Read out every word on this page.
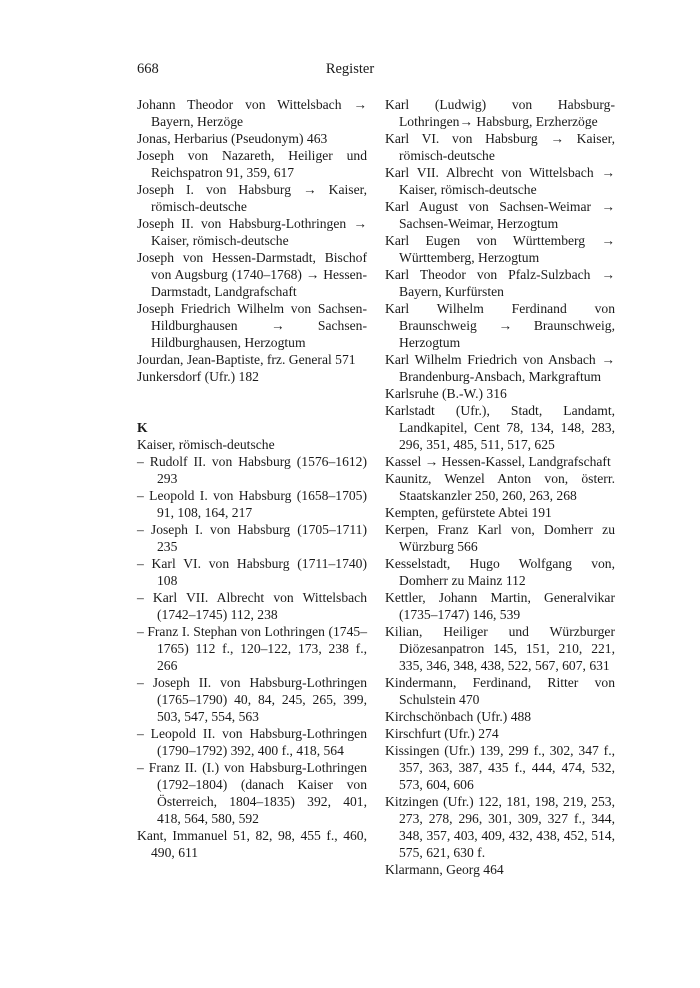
668	Register
Johann Theodor von Wittelsbach → Bayern, Herzöge
Jonas, Herbarius (Pseudonym) 463
Joseph von Nazareth, Heiliger und Reichspatron 91, 359, 617
Joseph I. von Habsburg → Kaiser, römisch-deutsche
Joseph II. von Habsburg-Lothringen → Kaiser, römisch-deutsche
Joseph von Hessen-Darmstadt, Bischof von Augsburg (1740–1768) → Hessen-Darmstadt, Landgrafschaft
Joseph Friedrich Wilhelm von Sachsen-Hildburghausen → Sachsen-Hildburghausen, Herzogtum
Jourdan, Jean-Baptiste, frz. General 571
Junkersdorf (Ufr.) 182
K
Kaiser, römisch-deutsche
– Rudolf II. von Habsburg (1576–1612) 293
– Leopold I. von Habsburg (1658–1705) 91, 108, 164, 217
– Joseph I. von Habsburg (1705–1711) 235
– Karl VI. von Habsburg (1711–1740) 108
– Karl VII. Albrecht von Wittelsbach (1742–1745) 112, 238
– Franz I. Stephan von Lothringen (1745–1765) 112 f., 120–122, 173, 238 f., 266
– Joseph II. von Habsburg-Lothringen (1765–1790) 40, 84, 245, 265, 399, 503, 547, 554, 563
– Leopold II. von Habsburg-Lothringen (1790–1792) 392, 400 f., 418, 564
– Franz II. (I.) von Habsburg-Lothringen (1792–1804) (danach Kaiser von Österreich, 1804–1835) 392, 401, 418, 564, 580, 592
Kant, Immanuel 51, 82, 98, 455 f., 460, 490, 611
Karl (Ludwig) von Habsburg-Lothringen→ Habsburg, Erzherzöge
Karl VI. von Habsburg → Kaiser, römisch-deutsche
Karl VII. Albrecht von Wittelsbach → Kaiser, römisch-deutsche
Karl August von Sachsen-Weimar → Sachsen-Weimar, Herzogtum
Karl Eugen von Württemberg → Württemberg, Herzogtum
Karl Theodor von Pfalz-Sulzbach → Bayern, Kurfürsten
Karl Wilhelm Ferdinand von Braunschweig → Braunschweig, Herzogtum
Karl Wilhelm Friedrich von Ansbach → Brandenburg-Ansbach, Markgraftum
Karlsruhe (B.-W.) 316
Karlstadt (Ufr.), Stadt, Landamt, Landkapitel, Cent 78, 134, 148, 283, 296, 351, 485, 511, 517, 625
Kassel → Hessen-Kassel, Landgrafschaft
Kaunitz, Wenzel Anton von, österr. Staatskanzler 250, 260, 263, 268
Kempten, gefürstete Abtei 191
Kerpen, Franz Karl von, Domherr zu Würzburg 566
Kesselstadt, Hugo Wolfgang von, Domherr zu Mainz 112
Kettler, Johann Martin, Generalvikar (1735–1747) 146, 539
Kilian, Heiliger und Würzburger Diözesanpatron 145, 151, 210, 221, 335, 346, 348, 438, 522, 567, 607, 631
Kindermann, Ferdinand, Ritter von Schulstein 470
Kirchschönbach (Ufr.) 488
Kirschfurt (Ufr.) 274
Kissingen (Ufr.) 139, 299 f., 302, 347 f., 357, 363, 387, 435 f., 444, 474, 532, 573, 604, 606
Kitzingen (Ufr.) 122, 181, 198, 219, 253, 273, 278, 296, 301, 309, 327 f., 344, 348, 357, 403, 409, 432, 438, 452, 514, 575, 621, 630 f.
Klarmann, Georg 464
